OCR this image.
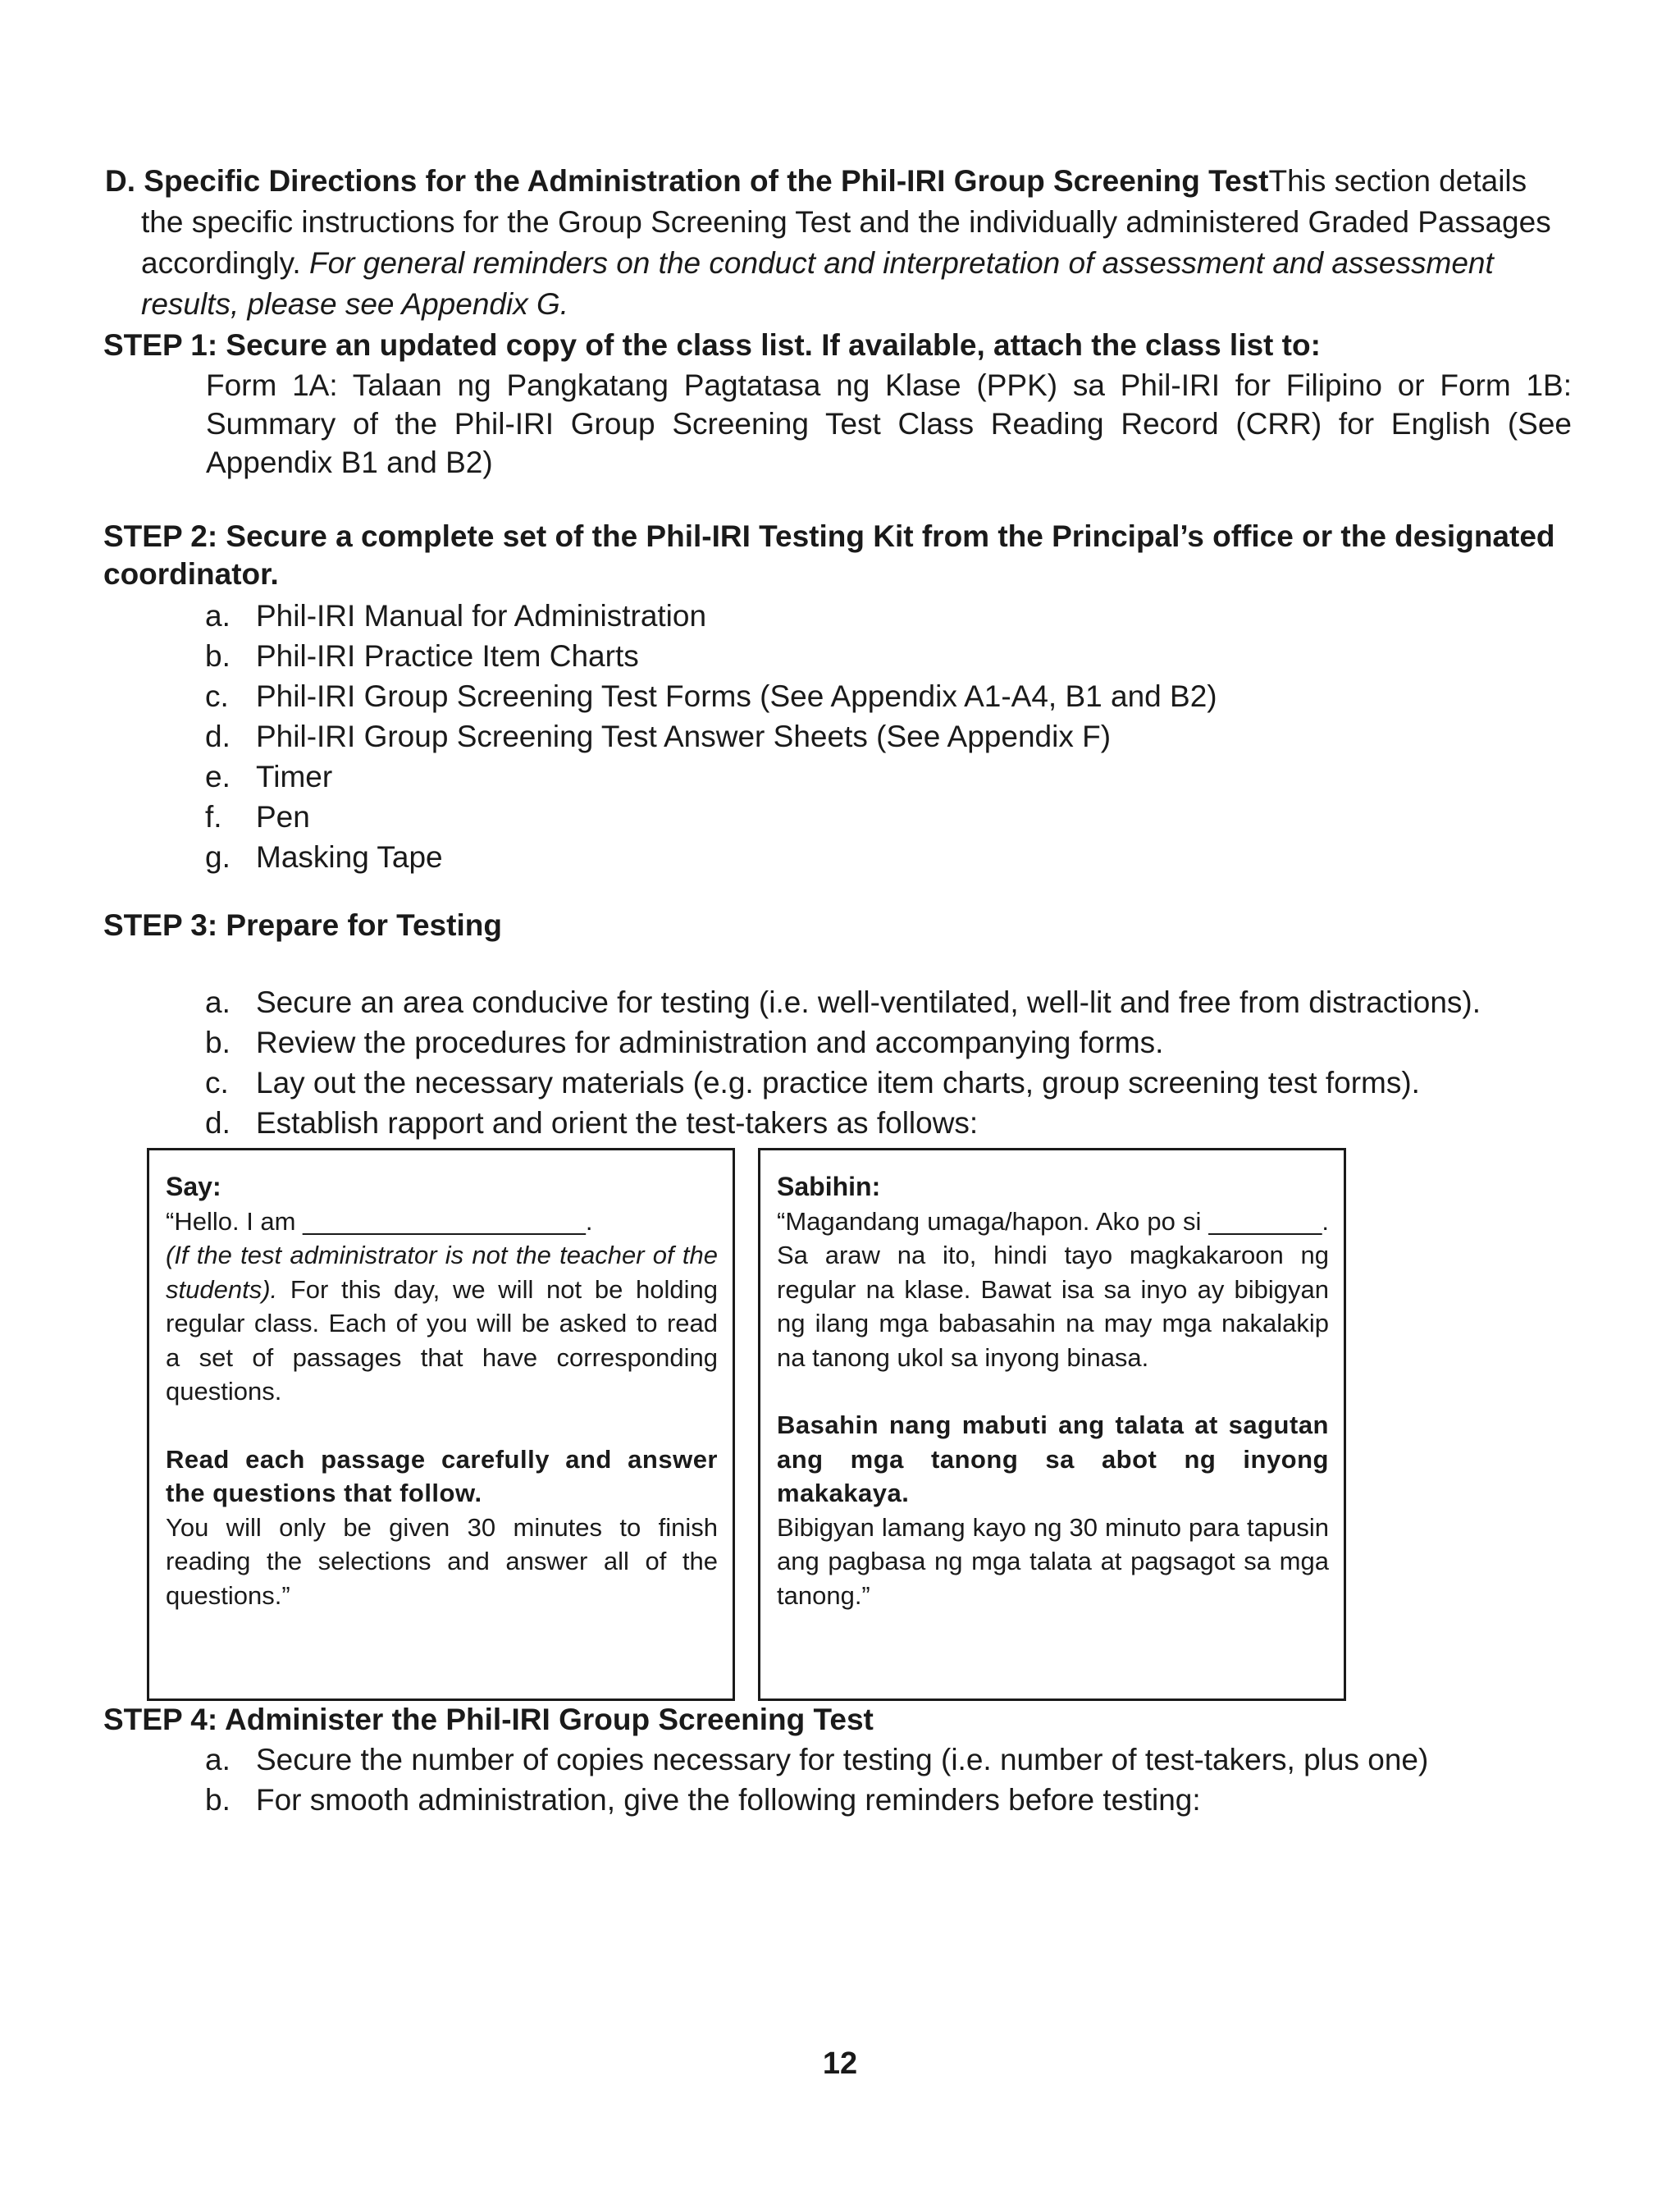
D. Specific Directions for the Administration of the Phil-IRI Group Screening TestThis section details
the specific instructions for the Group Screening Test and the individually administered Graded Passages
accordingly. For general reminders on the conduct and interpretation of assessment and assessment
results, please see Appendix G.
STEP 1: Secure an updated copy of the class list. If available, attach the class list to:
Form 1A: Talaan ng Pangkatang Pagtatasa ng Klase (PPK) sa Phil-IRI for Filipino or Form 1B:
Summary of the Phil-IRI Group Screening Test Class Reading Record (CRR) for English (See
Appendix B1 and B2)
STEP 2: Secure a complete set of the Phil-IRI Testing Kit from the Principal’s office or the designated
coordinator.
a. Phil-IRI Manual for Administration
b. Phil-IRI Practice Item Charts
c. Phil-IRI Group Screening Test Forms (See Appendix A1-A4, B1 and B2)
d. Phil-IRI Group Screening Test Answer Sheets (See Appendix F)
e. Timer
f.	Pen
g. Masking Tape
STEP 3: Prepare for Testing
a. Secure an area conducive for testing (i.e. well-ventilated, well-lit and free from distractions).
b. Review the procedures for administration and accompanying forms.
c. Lay out the necessary materials (e.g. practice item charts, group screening test forms).
d. Establish rapport and orient the test-takers as follows:

Say:

“Hello. I am ____________________.

(If the test administrator is not the teacher of the students). For this day, we will not be holding regular class. Each of you will be asked to read a set of passages that have corresponding questions.

Read each passage carefully and answer the questions that follow.

You will only be given 30 minutes to finish reading the selections and answer all of the questions.”

Sabihin:

“Magandang umaga/hapon. Ako po si ________. Sa araw na ito, hindi tayo magkakaroon ng regular na klase. Bawat isa sa inyo ay bibigyan ng ilang mga babasahin na may mga nakalakip na tanong ukol sa inyong binasa.

Basahin nang mabuti ang talata at sagutan ang mga tanong sa abot ng inyong makakaya.

Bibigyan lamang kayo ng 30 minuto para tapusin ang pagbasa ng mga talata at pagsagot sa mga tanong.”

STEP 4: Administer the Phil-IRI Group Screening Test
a. Secure the number of copies necessary for testing (i.e. number of test-takers, plus one)
b. For smooth administration, give the following reminders before testing:
12
